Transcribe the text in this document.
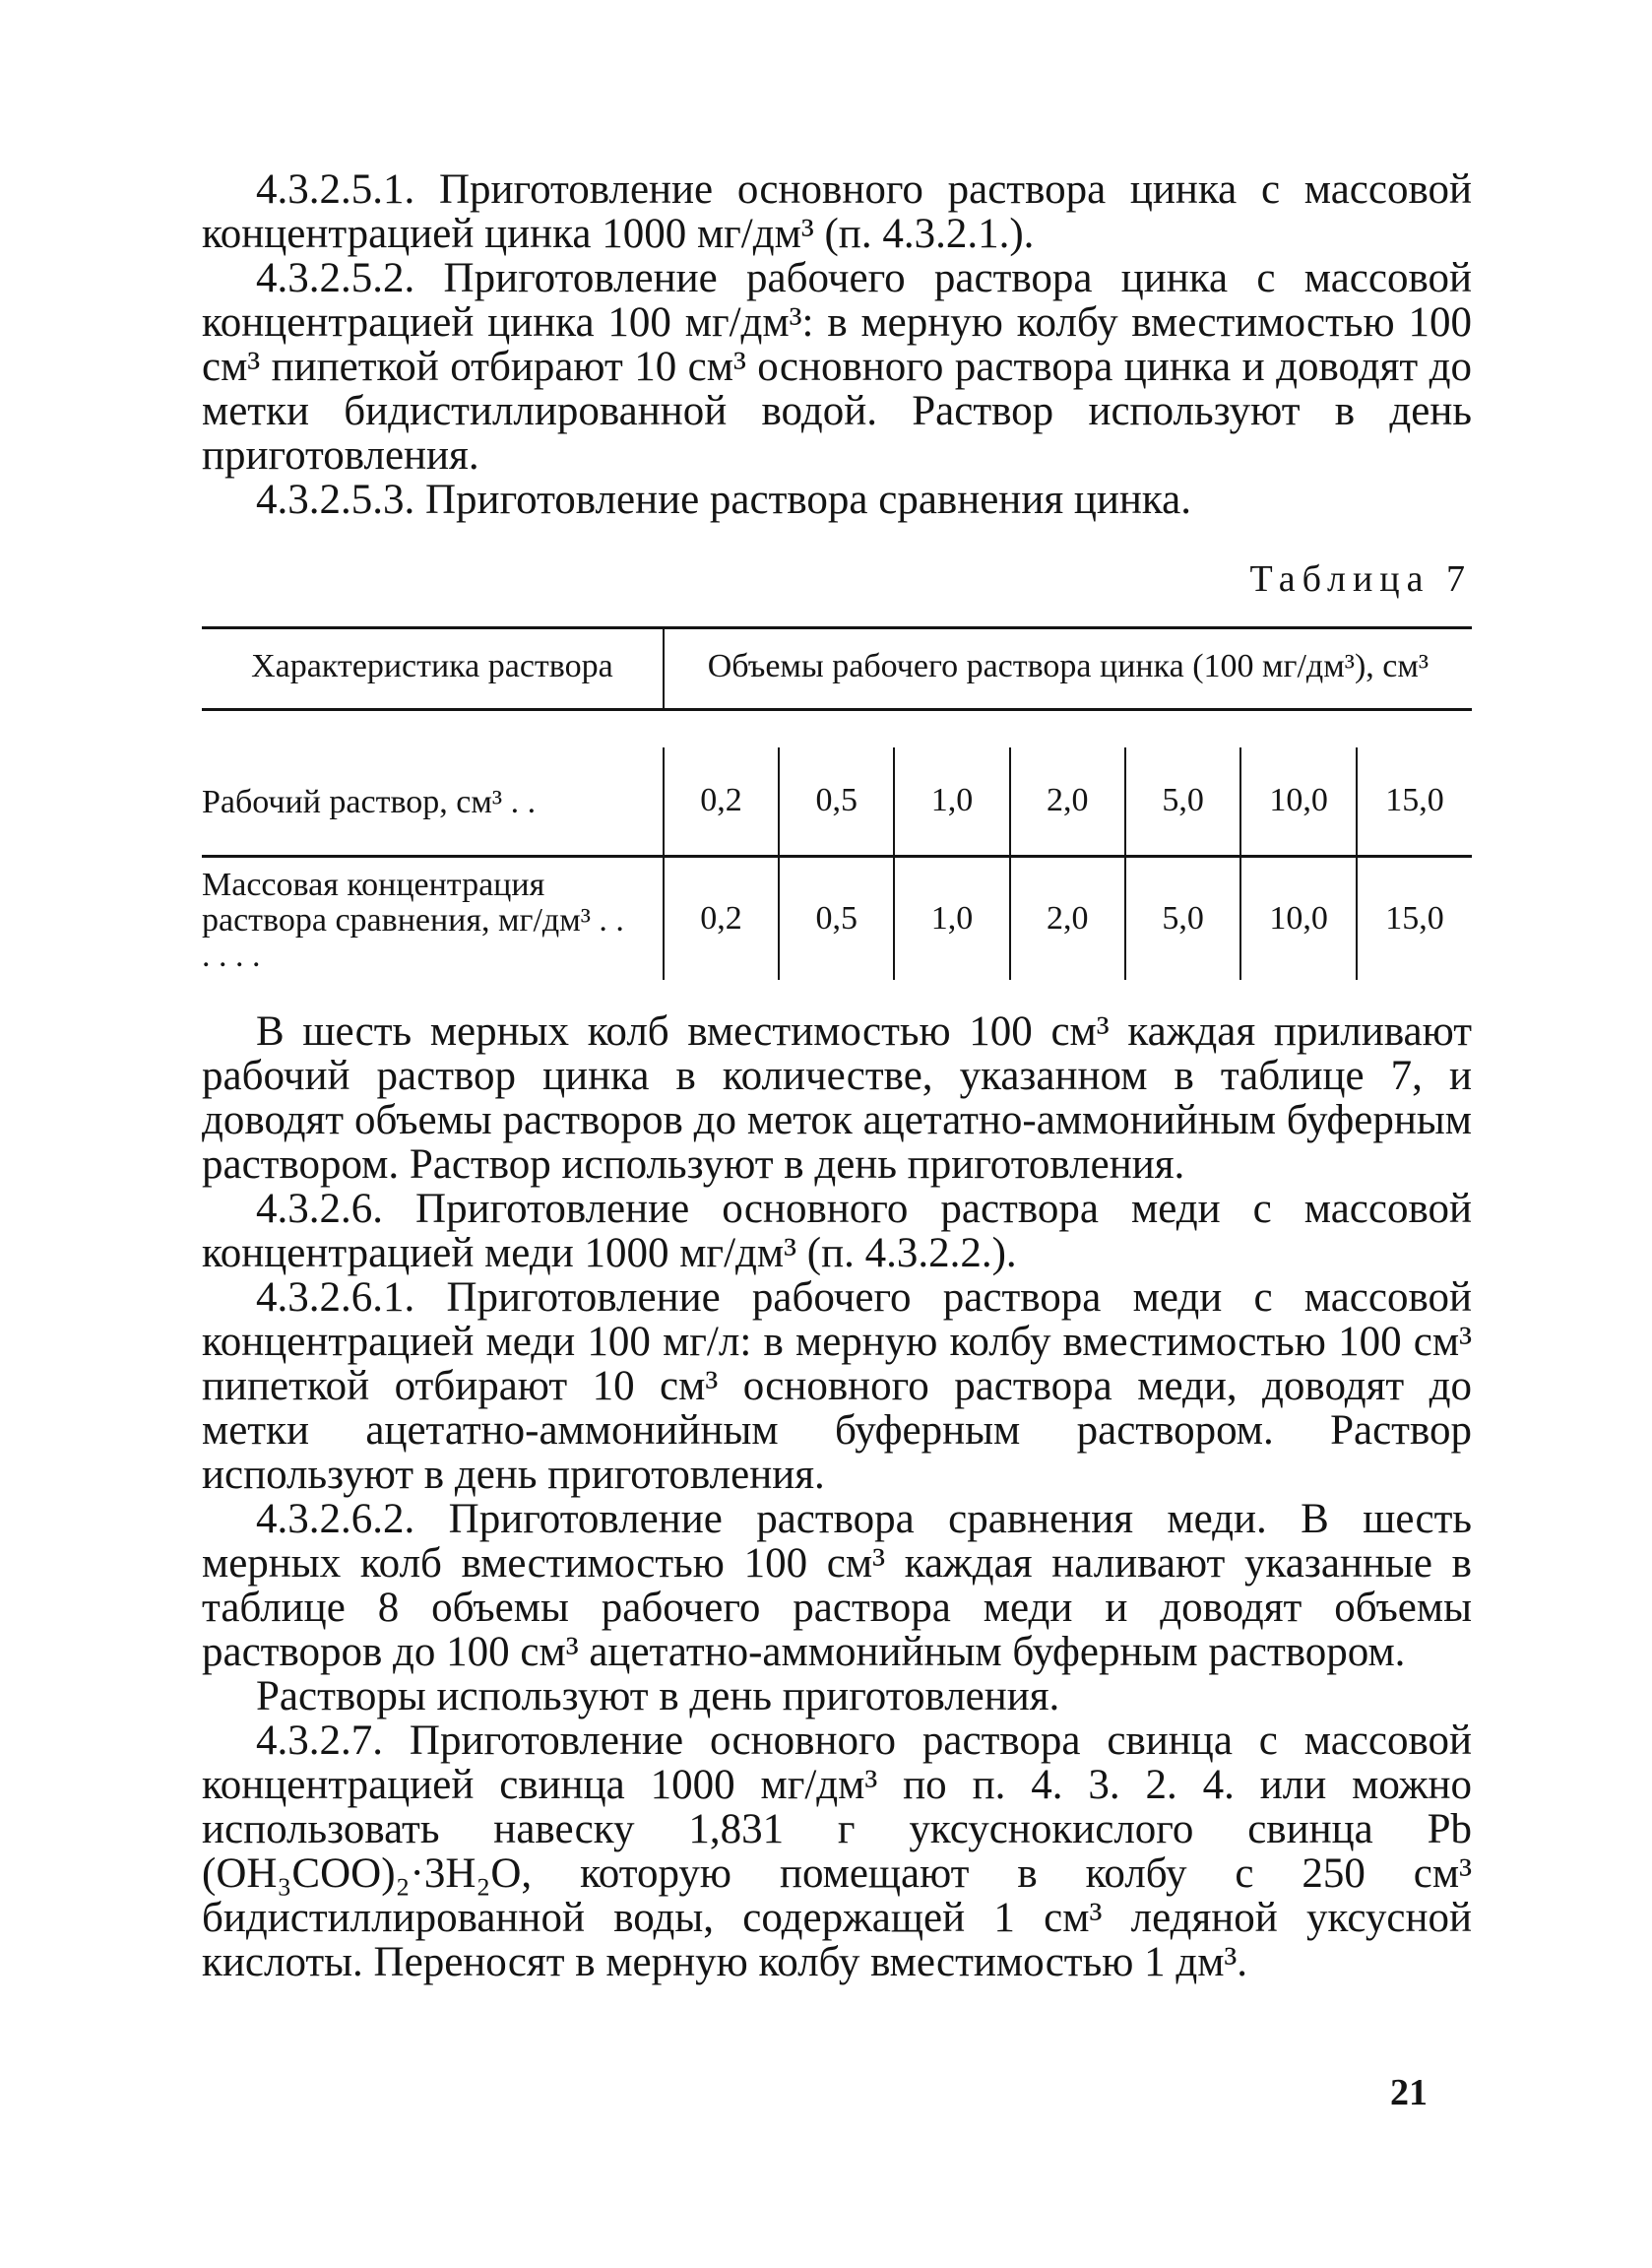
4.3.2.5.1. Приготовление основного раствора цинка с массовой концентрацией цинка 1000 мг/дм³ (п. 4.3.2.1.).

4.3.2.5.2. Приготовление рабочего раствора цинка с массовой концентрацией цинка 100 мг/дм³: в мерную колбу вместимостью 100 см³ пипеткой отбирают 10 см³ основного раствора цинка и доводят до метки бидистиллированной водой. Раствор используют в день приготовления.

4.3.2.5.3. Приготовление раствора сравнения цинка.

Таблица 7
Характеристика раствора	Объемы рабочего раствора цинка (100 мг/дм³), см³						

Рабочий раствор, см³ . .	0,2	0,5	1,0	2,0	5,0	10,0	15,0
Массовая концентрация раствора сравнения, мг/дм³ . . . . . .	0,2	0,5	1,0	2,0	5,0	10,0	15,0

В шесть мерных колб вместимостью 100 см³ каждая приливают рабочий раствор цинка в количестве, указанном в таблице 7, и доводят объемы растворов до меток ацетатно-аммонийным буферным раствором. Раствор используют в день приготовления.

4.3.2.6. Приготовление основного раствора меди с массовой концентрацией меди 1000 мг/дм³ (п. 4.3.2.2.).

4.3.2.6.1. Приготовление рабочего раствора меди с массовой концентрацией меди 100 мг/л: в мерную колбу вместимостью 100 см³ пипеткой отбирают 10 см³ основного раствора меди, доводят до метки ацетатно-аммонийным буферным раствором. Раствор используют в день приготовления.

4.3.2.6.2. Приготовление раствора сравнения меди. В шесть мерных колб вместимостью 100 см³ каждая наливают указанные в таблице 8 объемы рабочего раствора меди и доводят объемы растворов до 100 см³ ацетатно-аммонийным буферным раствором.

Растворы используют в день приготовления.

4.3.2.7. Приготовление основного раствора свинца с массовой концентрацией свинца 1000 мг/дм³ по п. 4. 3. 2. 4. или можно использовать навеску 1,831 г уксуснокислого свинца Pb (OH₃COO)₂·3H₂O, которую помещают в колбу с 250 см³ бидистиллированной воды, содержащей 1 см³ ледяной уксусной кислоты. Переносят в мерную колбу вместимостью 1 дм³.

21
